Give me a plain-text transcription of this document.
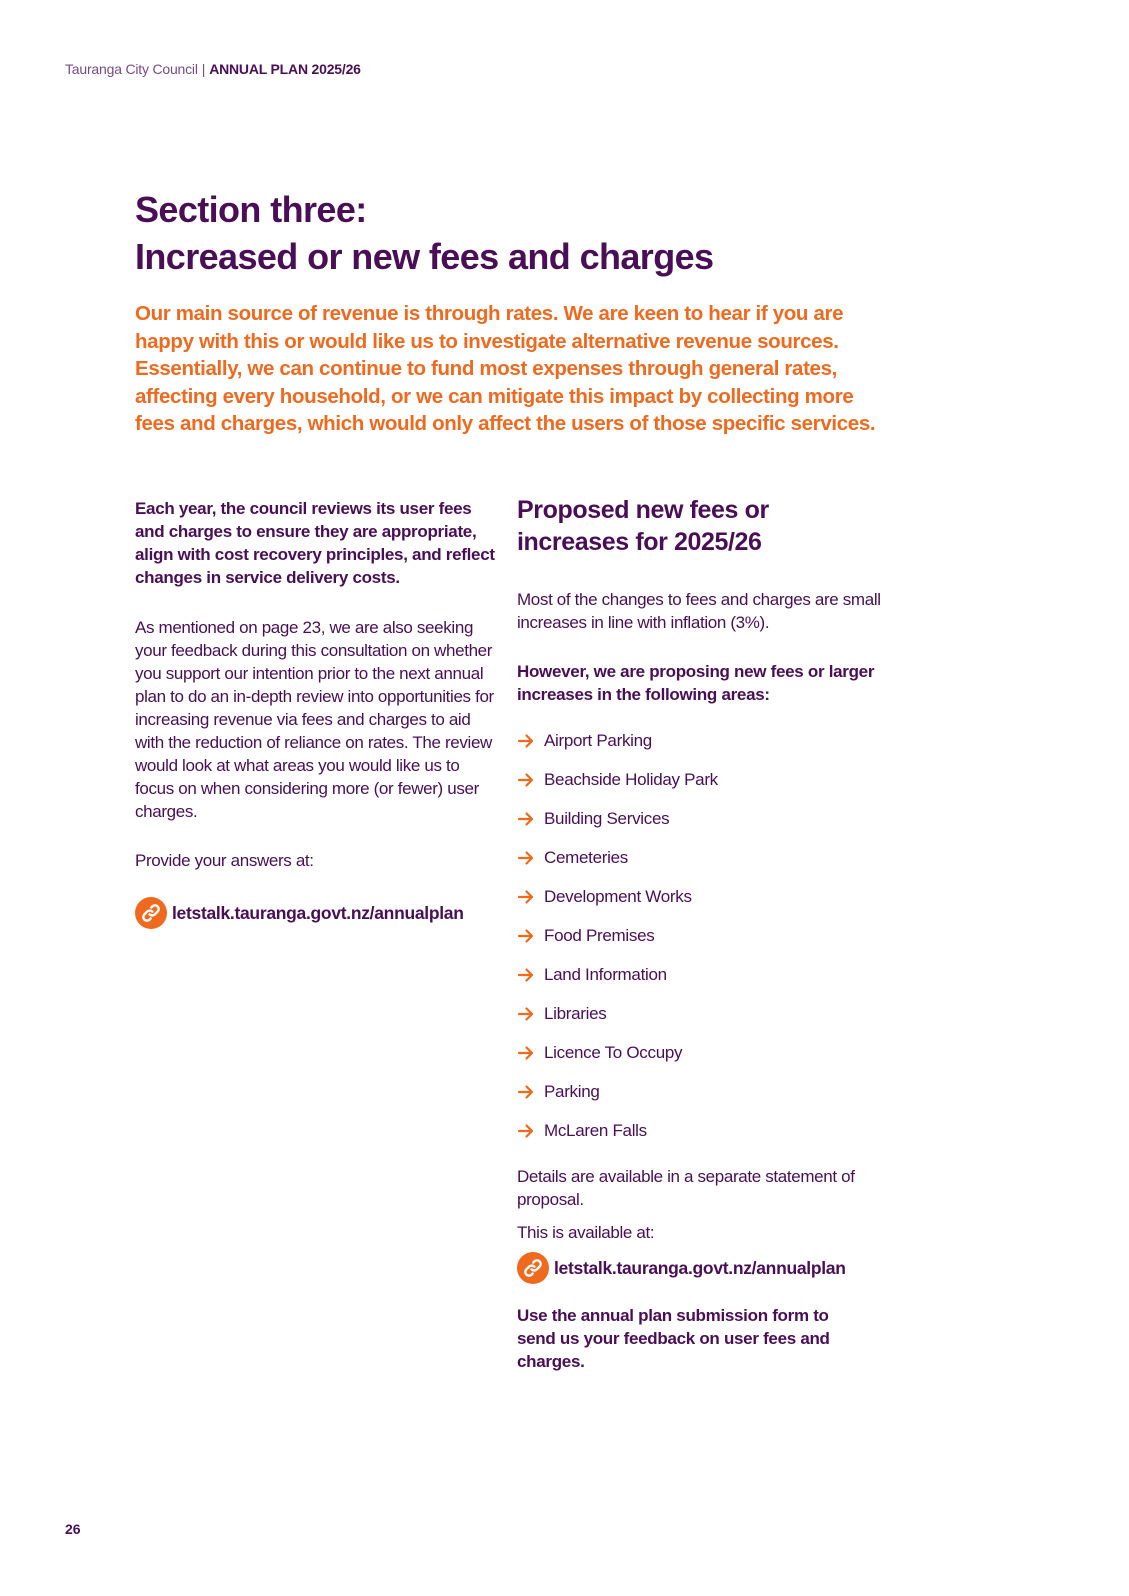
Tauranga City Council | ANNUAL PLAN 2025/26
Section three:
Increased or new fees and charges

Our main source of revenue is through rates. We are keen to hear if you are happy with this or would like us to investigate alternative revenue sources. Essentially, we can continue to fund most expenses through general rates, affecting every household, or we can mitigate this impact by collecting more fees and charges, which would only affect the users of those specific services.

Each year, the council reviews its user fees and charges to ensure they are appropriate, align with cost recovery principles, and reflect changes in service delivery costs.

As mentioned on page 23, we are also seeking your feedback during this consultation on whether you support our intention prior to the next annual plan to do an in-depth review into opportunities for increasing revenue via fees and charges to aid with the reduction of reliance on rates. The review would look at what areas you would like us to focus on when considering more (or fewer) user charges.

Provide your answers at:

letstalk.tauranga.govt.nz/annualplan
Proposed new fees or
increases for 2025/26

Most of the changes to fees and charges are small increases in line with inflation (3%).

However, we are proposing new fees or larger increases in the following areas:

Airport Parking
Beachside Holiday Park
Building Services
Cemeteries
Development Works
Food Premises
Land Information
Libraries
Licence To Occupy
Parking
McLaren Falls

Details are available in a separate statement of proposal.

This is available at:

letstalk.tauranga.govt.nz/annualplan

Use the annual plan submission form to send us your feedback on user fees and charges.

26
